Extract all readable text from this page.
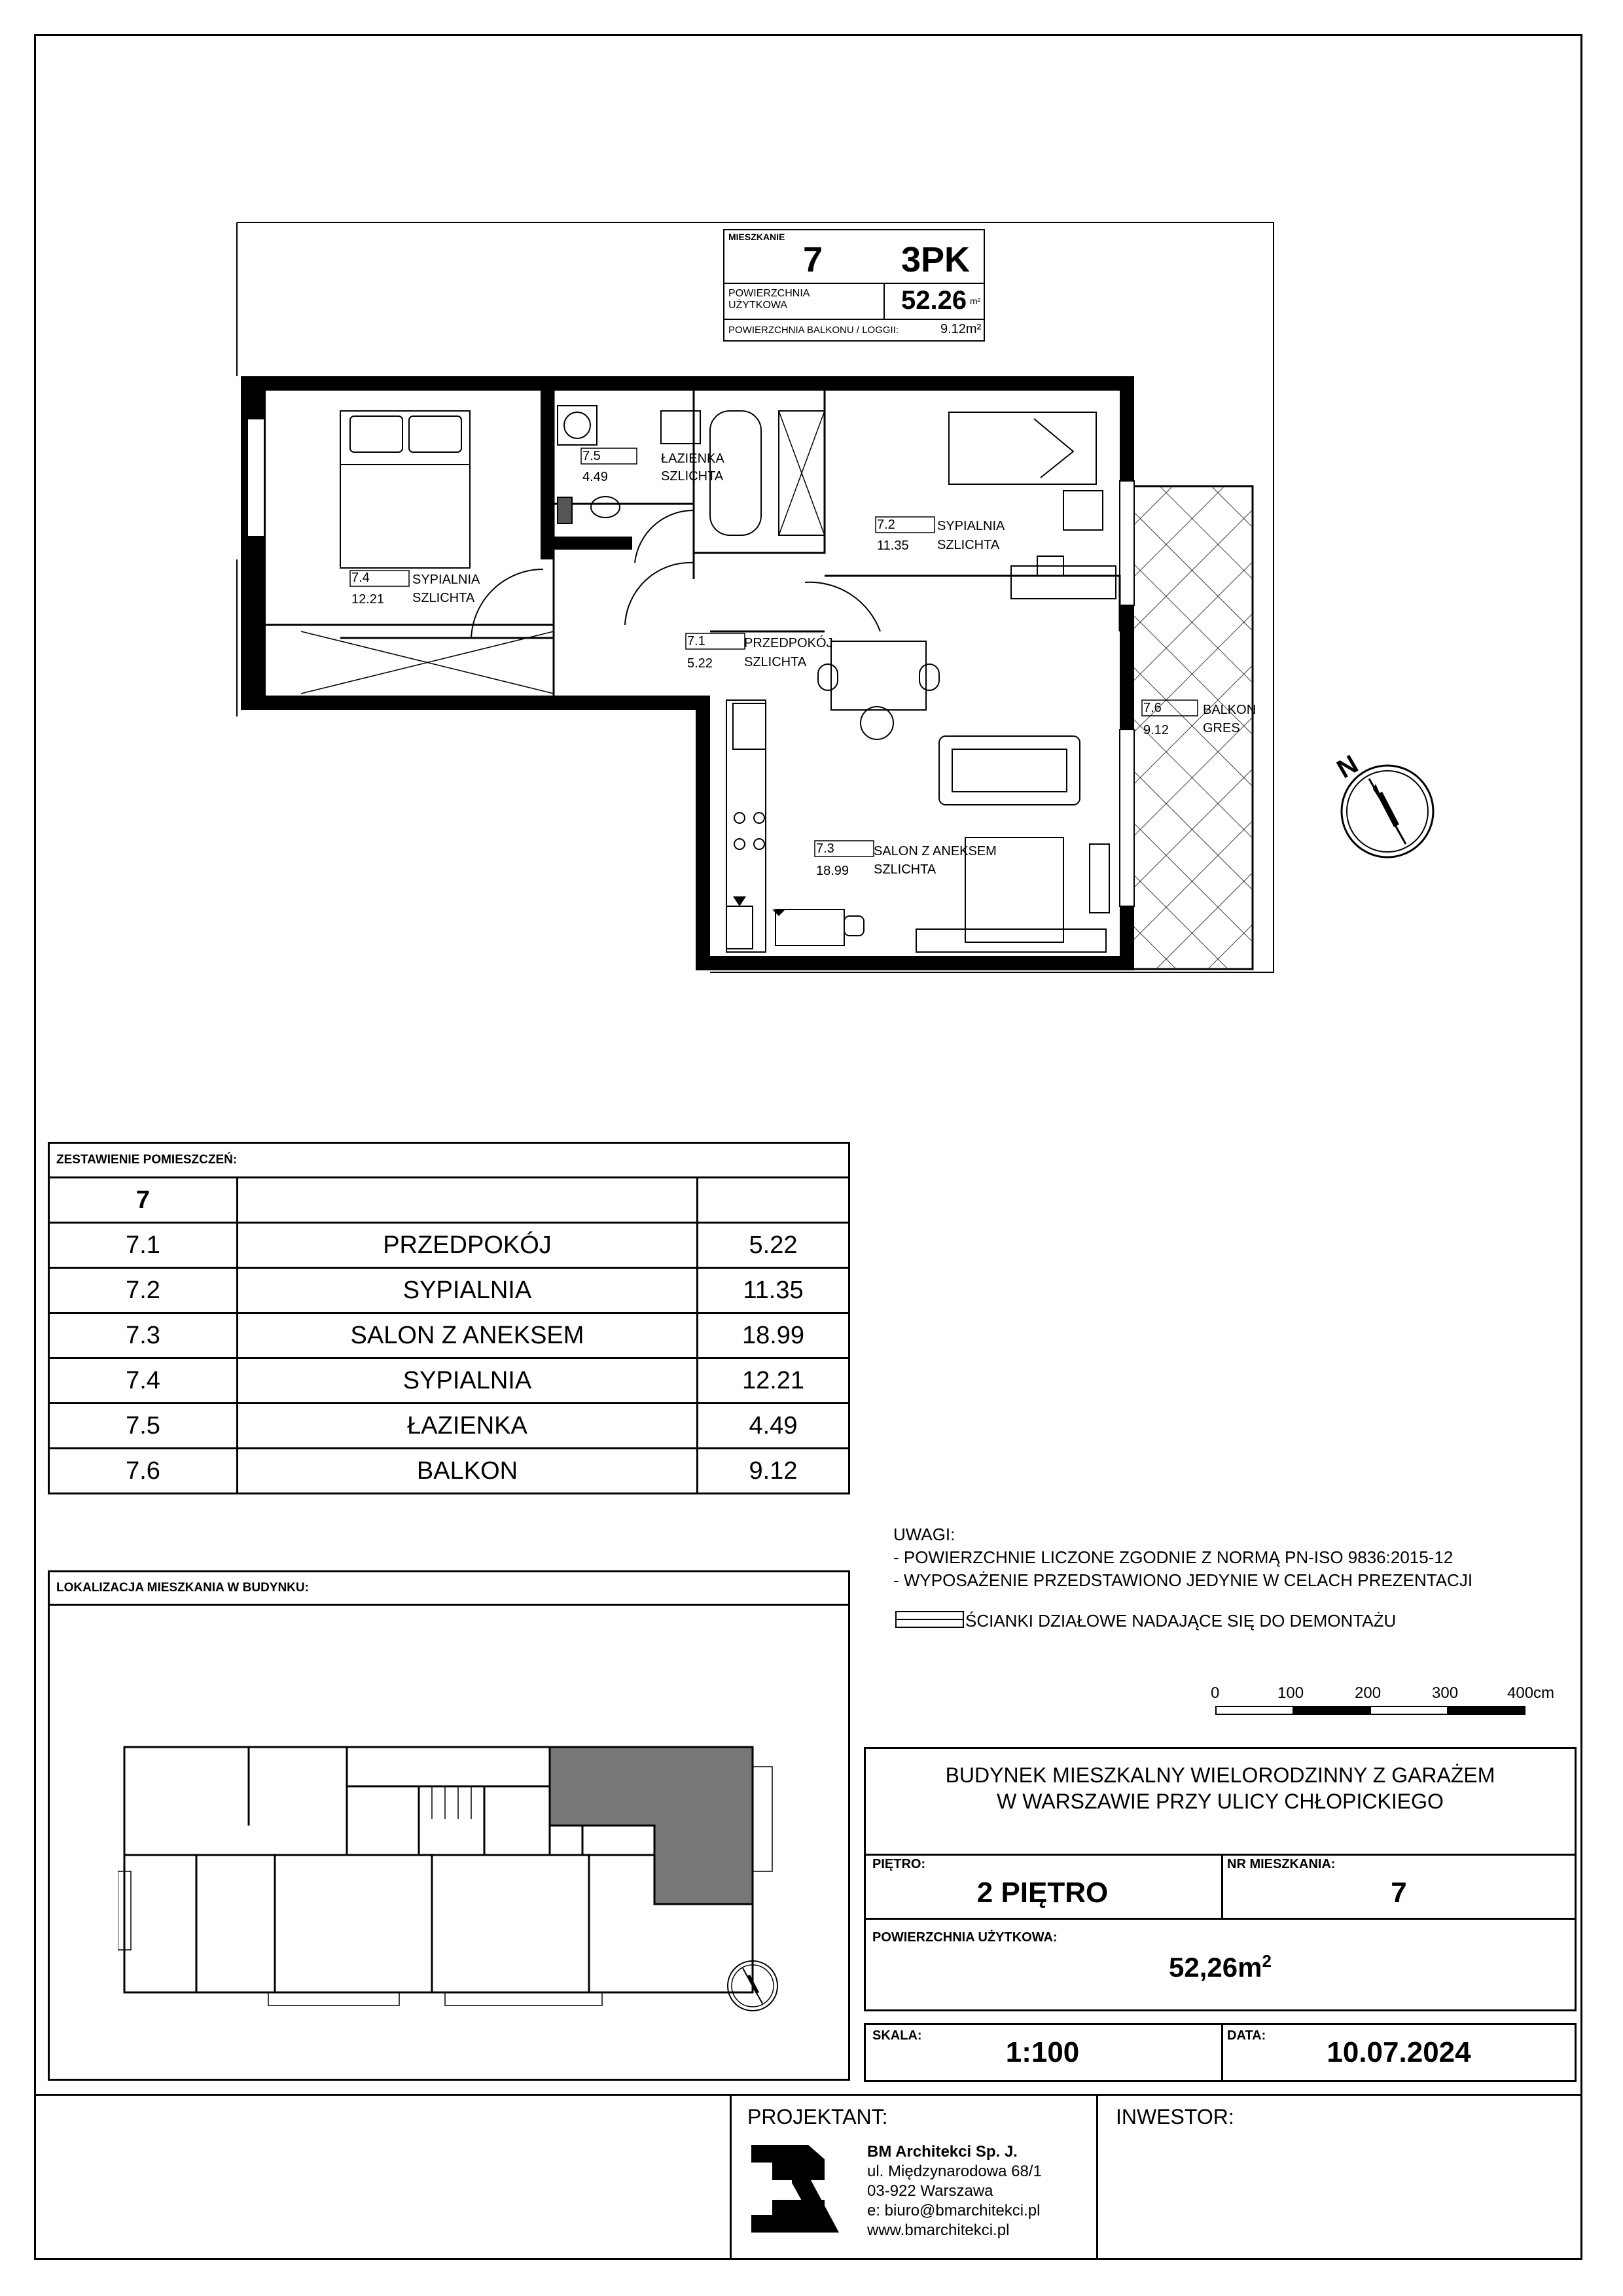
7.4
12.21
SYPIALNIA
SZLICHTA
7.5
4.49
ŁAZIENKA
SZLICHTA
7.2
11.35
SYPIALNIA
SZLICHTA
7.1
5.22
PRZEDPOKÓJ
SZLICHTA
7.3
18.99
SALON Z ANEKSEM
SZLICHTA
7.6
9.12
BALKON
GRES
MIESZKANIE
7 3PK
POWIERZCHNIA
UŻYTKOWA	52.26 m²
POWIERZCHNIA BALKONU / LOGGII:	9.12m²
N
ZESTAWIENIE POMIESZCZEŃ:		
7		
7.1	PRZEDPOKÓJ	5.22
7.2	SYPIALNIA	11.35
7.3	SALON Z ANEKSEM	18.99
7.4	SYPIALNIA	12.21
7.5	ŁAZIENKA	4.49
7.6	BALKON	9.12
UWAGI:
- POWIERZCHNIE LICZONE ZGODNIE Z NORMĄ PN-ISO 9836:2015-12
- WYPOSAŻENIE PRZEDSTAWIONO JEDYNIE W CELACH PREZENTACJI
ŚCIANKI DZIAŁOWE NADAJĄCE SIĘ DO DEMONTAŻU
0	100	200	300	400cm
LOKALIZACJA MIESZKANIA W BUDYNKU:
BUDYNEK MIESZKALNY WIELORODZINNY Z GARAŻEM
W WARSZAWIE PRZY ULICY CHŁOPICKIEGO
PIĘTRO:
2 PIĘTRO
NR MIESZKANIA:
7
POWIERZCHNIA UŻYTKOWA:
$52,26m^2$
SKALA:
1:100
DATA:
10.07.2024
PROJEKTANT:	INWESTOR:
BM Architekci Sp. J.
ul. Międzynarodowa 68/1
03-922 Warszawa
e: biuro@bmarchitekci.pl
www.bmarchitekci.pl
